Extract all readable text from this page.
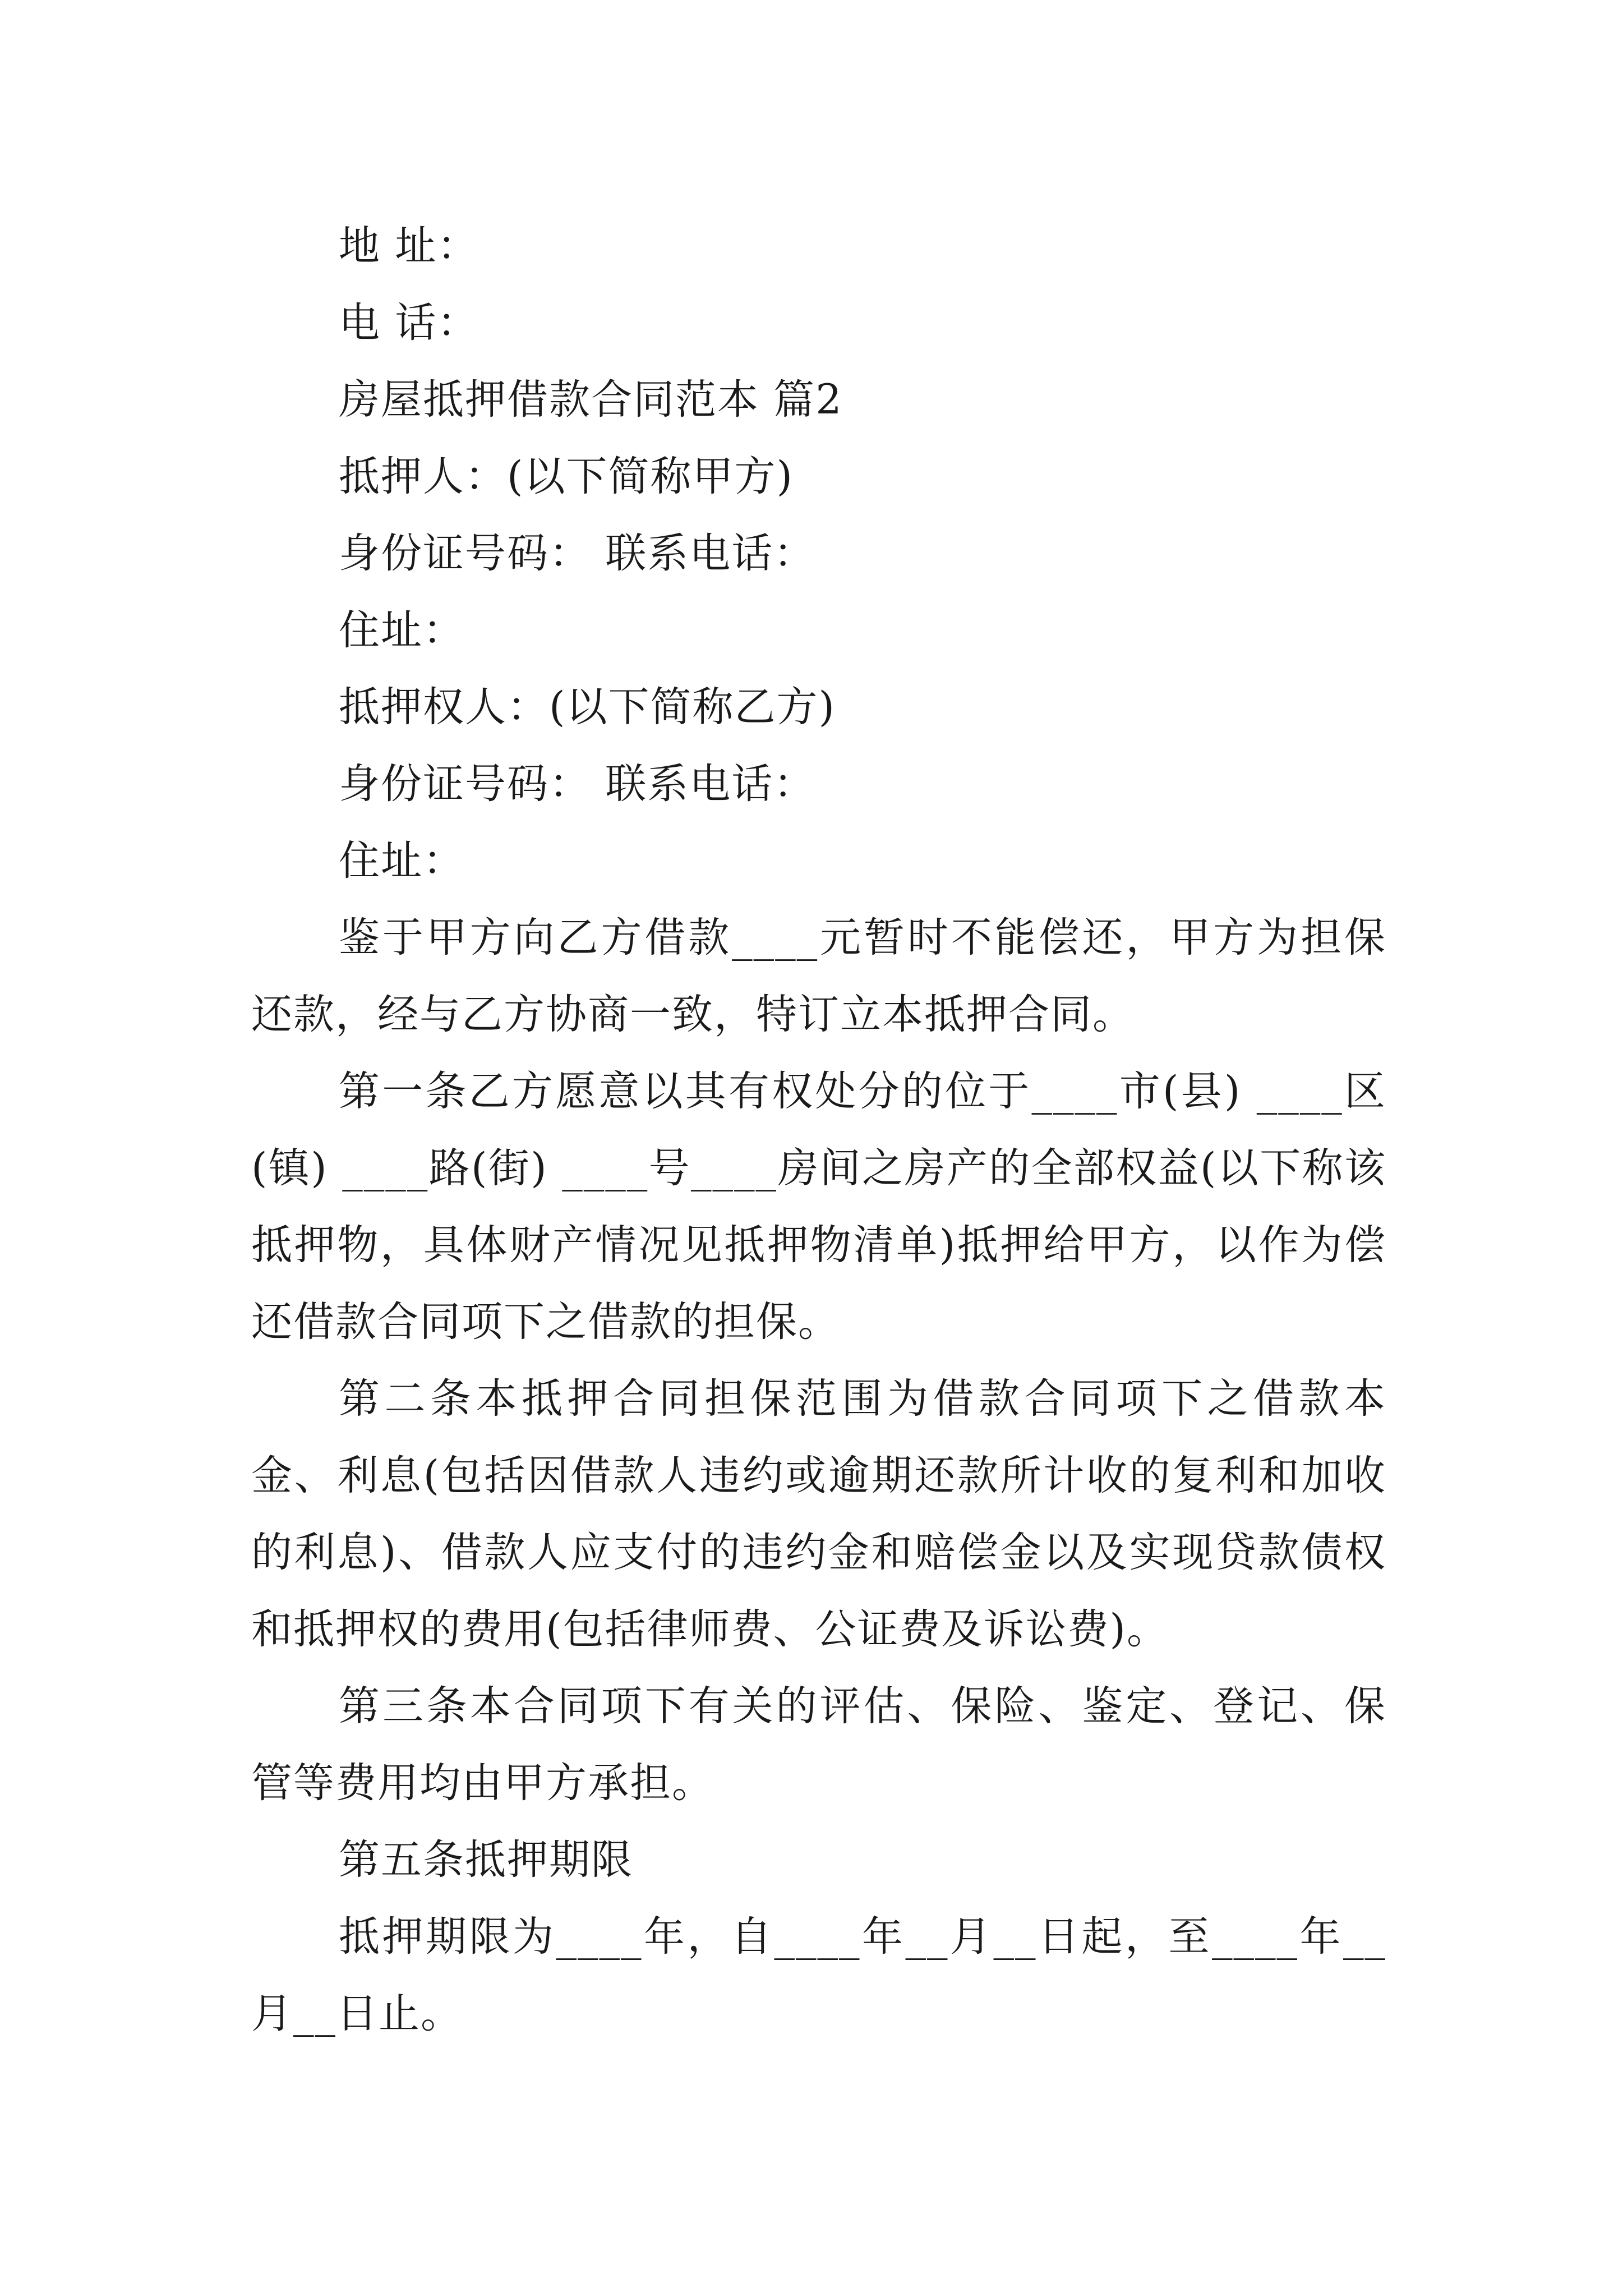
地 址：

电 话：

房屋抵押借款合同范本 篇2

抵押人：(以下简称甲方)

身份证号码： 联系电话：

住址：

抵押权人：(以下简称乙方)

身份证号码： 联系电话：

住址：

鉴于甲方向乙方借款____元暂时不能偿还，甲方为担保还款，经与乙方协商一致，特订立本抵押合同。

第一条乙方愿意以其有权处分的位于____市(县) ____区(镇) ____路(街) ____号____房间之房产的全部权益(以下称该抵押物，具体财产情况见抵押物清单)抵押给甲方，以作为偿还借款合同项下之借款的担保。

第二条本抵押合同担保范围为借款合同项下之借款本金、利息(包括因借款人违约或逾期还款所计收的复利和加收的利息)、借款人应支付的违约金和赔偿金以及实现贷款债权和抵押权的费用(包括律师费、公证费及诉讼费)。

第三条本合同项下有关的评估、保险、鉴定、登记、保管等费用均由甲方承担。

第五条抵押期限

抵押期限为____年，自____年__月__日起，至____年__月__日止。
